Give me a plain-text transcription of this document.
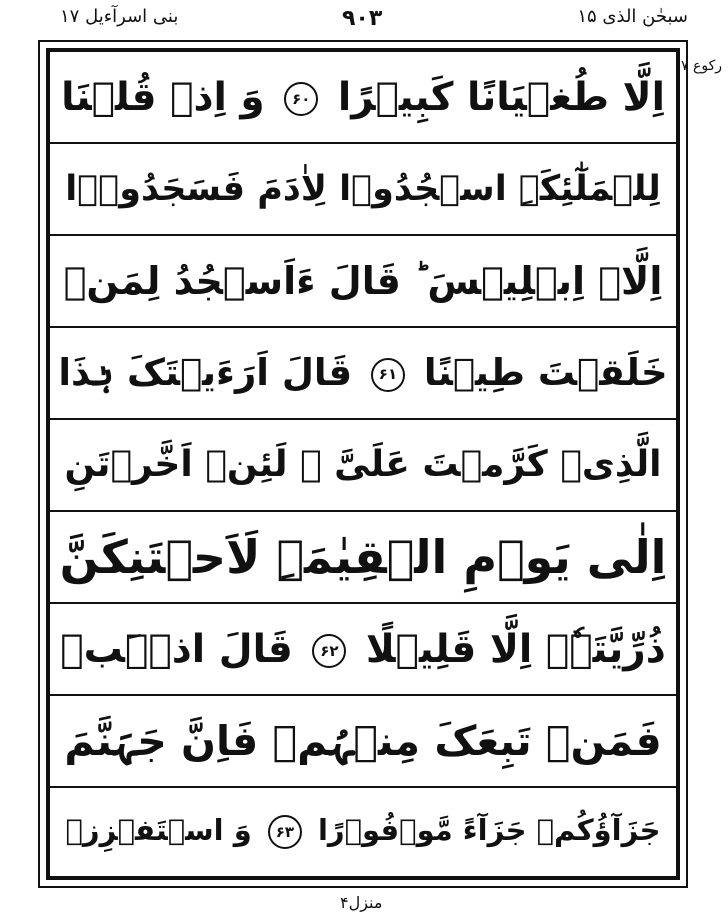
بنی اسرآءیل ۱۷	۹۰۳	سبحٰن الذی ۱۵
رکوع ۷
اِلَّا طُغۡیَانًا کَبِیۡرًا ۶۰ وَ اِذۡ قُلۡنَا
لِلۡمَلٰٓئِکَۃِ اسۡجُدُوۡا لِاٰدَمَ فَسَجَدُوۡۤا
اِلَّاۤ اِبۡلِیۡسَ ؕ قَالَ ءَاَسۡجُدُ لِمَنۡ
خَلَقۡتَ طِیۡنًا ۶۱ قَالَ اَرَءَیۡتَکَ ہٰذَا
الَّذِیۡ کَرَّمۡتَ عَلَیَّ ۫ لَئِنۡ اَخَّرۡتَنِ
اِلٰی یَوۡمِ الۡقِیٰمَۃِ لَاَحۡتَنِکَنَّ
ذُرِّیَّتَہٗۤ اِلَّا قَلِیۡلًا ۶۲ قَالَ اذۡہَبۡ
فَمَنۡ تَبِعَکَ مِنۡہُمۡ فَاِنَّ جَہَنَّمَ
جَزَآؤُکُمۡ جَزَآءً مَّوۡفُوۡرًا ۶۳ وَ اسۡتَفۡزِزۡ
منزل۴
